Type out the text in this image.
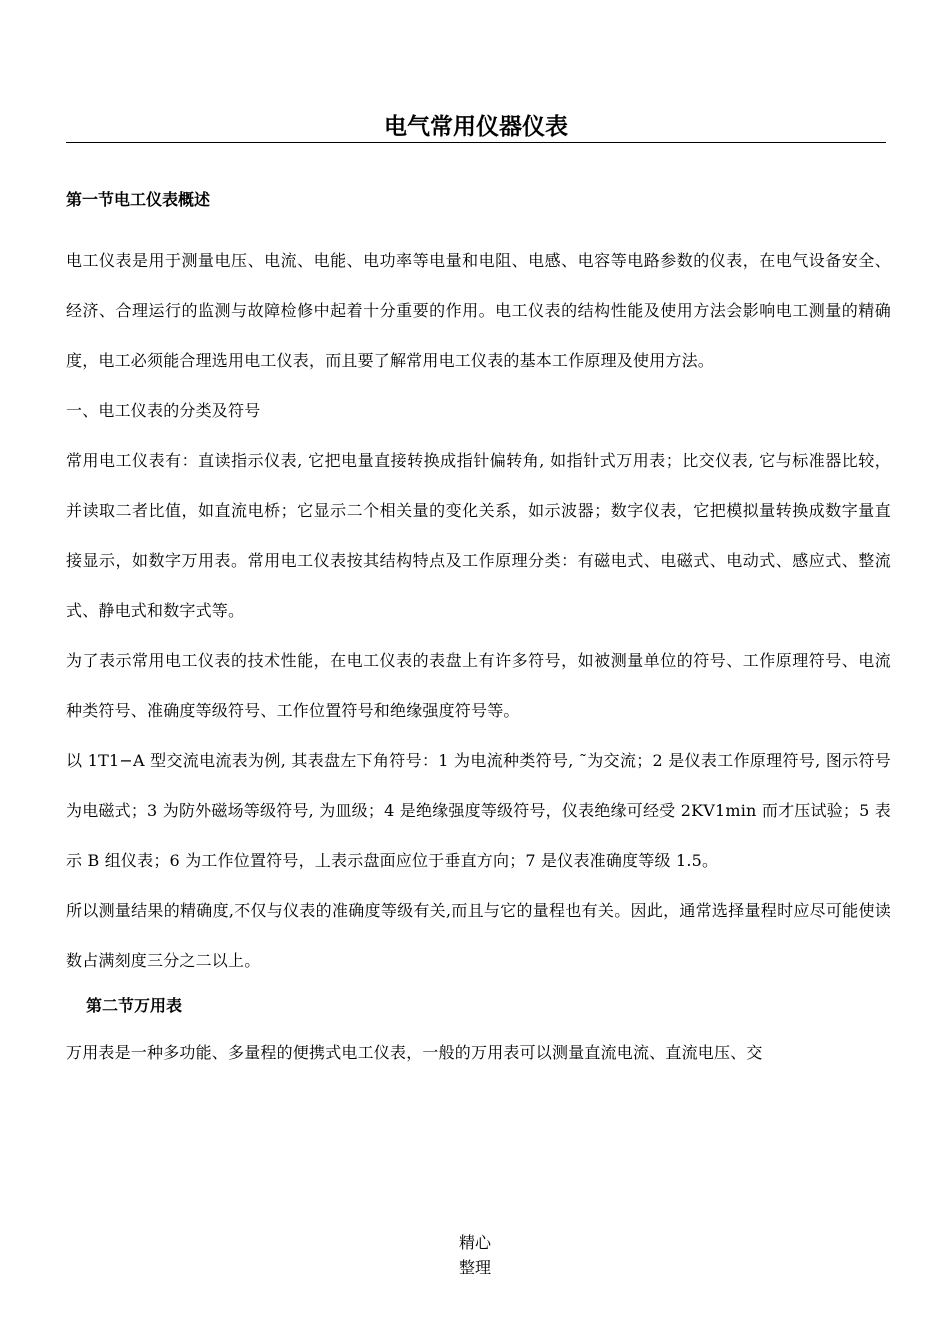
电气常用仪器仪表
第一节电工仪表概述

电工仪表是用于测量电压、电流、电能、电功率等电量和电阻、电感、电容等电路参数的仪表，在电气设备安全、经济、合理运行的监测与故障检修中起着十分重要的作用。电工仪表的结构性能及使用方法会影响电工测量的精确度，电工必须能合理选用电工仪表，而且要了解常用电工仪表的基本工作原理及使用方法。

一、电工仪表的分类及符号

常用电工仪表有：直读指示仪表, 它把电量直接转换成指针偏转角, 如指针式万用表；比交仪表, 它与标准器比较，并读取二者比值，如直流电桥；它显示二个相关量的变化关系，如示波器；数字仪表，它把模拟量转换成数字量直接显示，如数字万用表。常用电工仪表按其结构特点及工作原理分类：有磁电式、电磁式、电动式、感应式、整流式、静电式和数字式等。

为了表示常用电工仪表的技术性能，在电工仪表的表盘上有许多符号，如被测量单位的符号、工作原理符号、电流种类符号、准确度等级符号、工作位置符号和绝缘强度符号等。

以 1T1−A 型交流电流表为例, 其表盘左下角符号：1 为电流种类符号, ˜为交流；2 是仪表工作原理符号, 图示符号为电磁式；3 为防外磁场等级符号, 为皿级；4 是绝缘强度等级符号，仪表绝缘可经受 2KV1min 而才压试验；5 表示 B 组仪表；6 为工作位置符号，丄表示盘面应位于垂直方向；7 是仪表准确度等级 1.5。

所以测量结果的精确度,不仅与仪表的准确度等级有关,而且与它的量程也有关。因此，通常选择量程时应尽可能使读数占满刻度三分之二以上。

第二节万用表

万用表是一种多功能、多量程的便携式电工仪表，一般的万用表可以测量直流电流、直流电压、交

精心
整理
